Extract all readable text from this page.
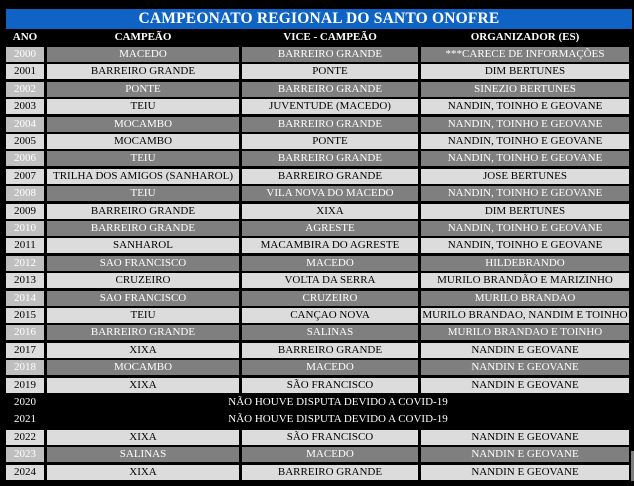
CAMPEONATO REGIONAL DO SANTO ONOFRE
ANO	CAMPEÃO	VICE - CAMPEÃO	ORGANIZADOR (ES)
2000	MACEDO	BARREIRO GRANDE	***CARECE DE INFORMAÇÕES
2001	BARREIRO GRANDE	PONTE	DIM BERTUNES
2002	PONTE	BARREIRO GRANDE	SINEZIO BERTUNES
2003	TEIU	JUVENTUDE (MACEDO)	NANDIN, TOINHO E GEOVANE
2004	MOCAMBO	BARREIRO GRANDE	NANDIN, TOINHO E GEOVANE
2005	MOCAMBO	PONTE	NANDIN, TOINHO E GEOVANE
2006	TEIU	BARREIRO GRANDE	NANDIN, TOINHO E GEOVANE
2007	TRILHA DOS AMIGOS (SANHAROL)	BARREIRO GRANDE	JOSE BERTUNES
2008	TEIU	VILA NOVA DO MACEDO	NANDIN, TOINHO E GEOVANE
2009	BARREIRO GRANDE	XIXA	DIM BERTUNES
2010	BARREIRO GRANDE	AGRESTE	NANDIN, TOINHO E GEOVANE
2011	SANHAROL	MACAMBIRA DO AGRESTE	NANDIN, TOINHO E GEOVANE
2012	SAO FRANCISCO	MACEDO	HILDEBRANDO
2013	CRUZEIRO	VOLTA DA SERRA	MURILO BRANDÃO E MARIZINHO
2014	SAO FRANCISCO	CRUZEIRO	MURILO BRANDAO
2015	TEIU	CANÇAO NOVA	MURILO BRANDAO, NANDIM E TOINHO
2016	BARREIRO GRANDE	SALINAS	MURILO BRANDAO E TOINHO
2017	XIXA	BARREIRO GRANDE	NANDIN E GEOVANE
2018	MOCAMBO	MACEDO	NANDIN E GEOVANE
2019	XIXA	SÃO FRANCISCO	NANDIN E GEOVANE
2020	NÃO HOUVE DISPUTA DEVIDO A COVID-19
2021	NÃO HOUVE DISPUTA DEVIDO A COVID-19
2022	XIXA	SÃO FRANCISCO	NANDIN E GEOVANE
2023	SALINAS	MACEDO	NANDIN E GEOVANE
2024	XIXA	BARREIRO GRANDE	NANDIN E GEOVANE
